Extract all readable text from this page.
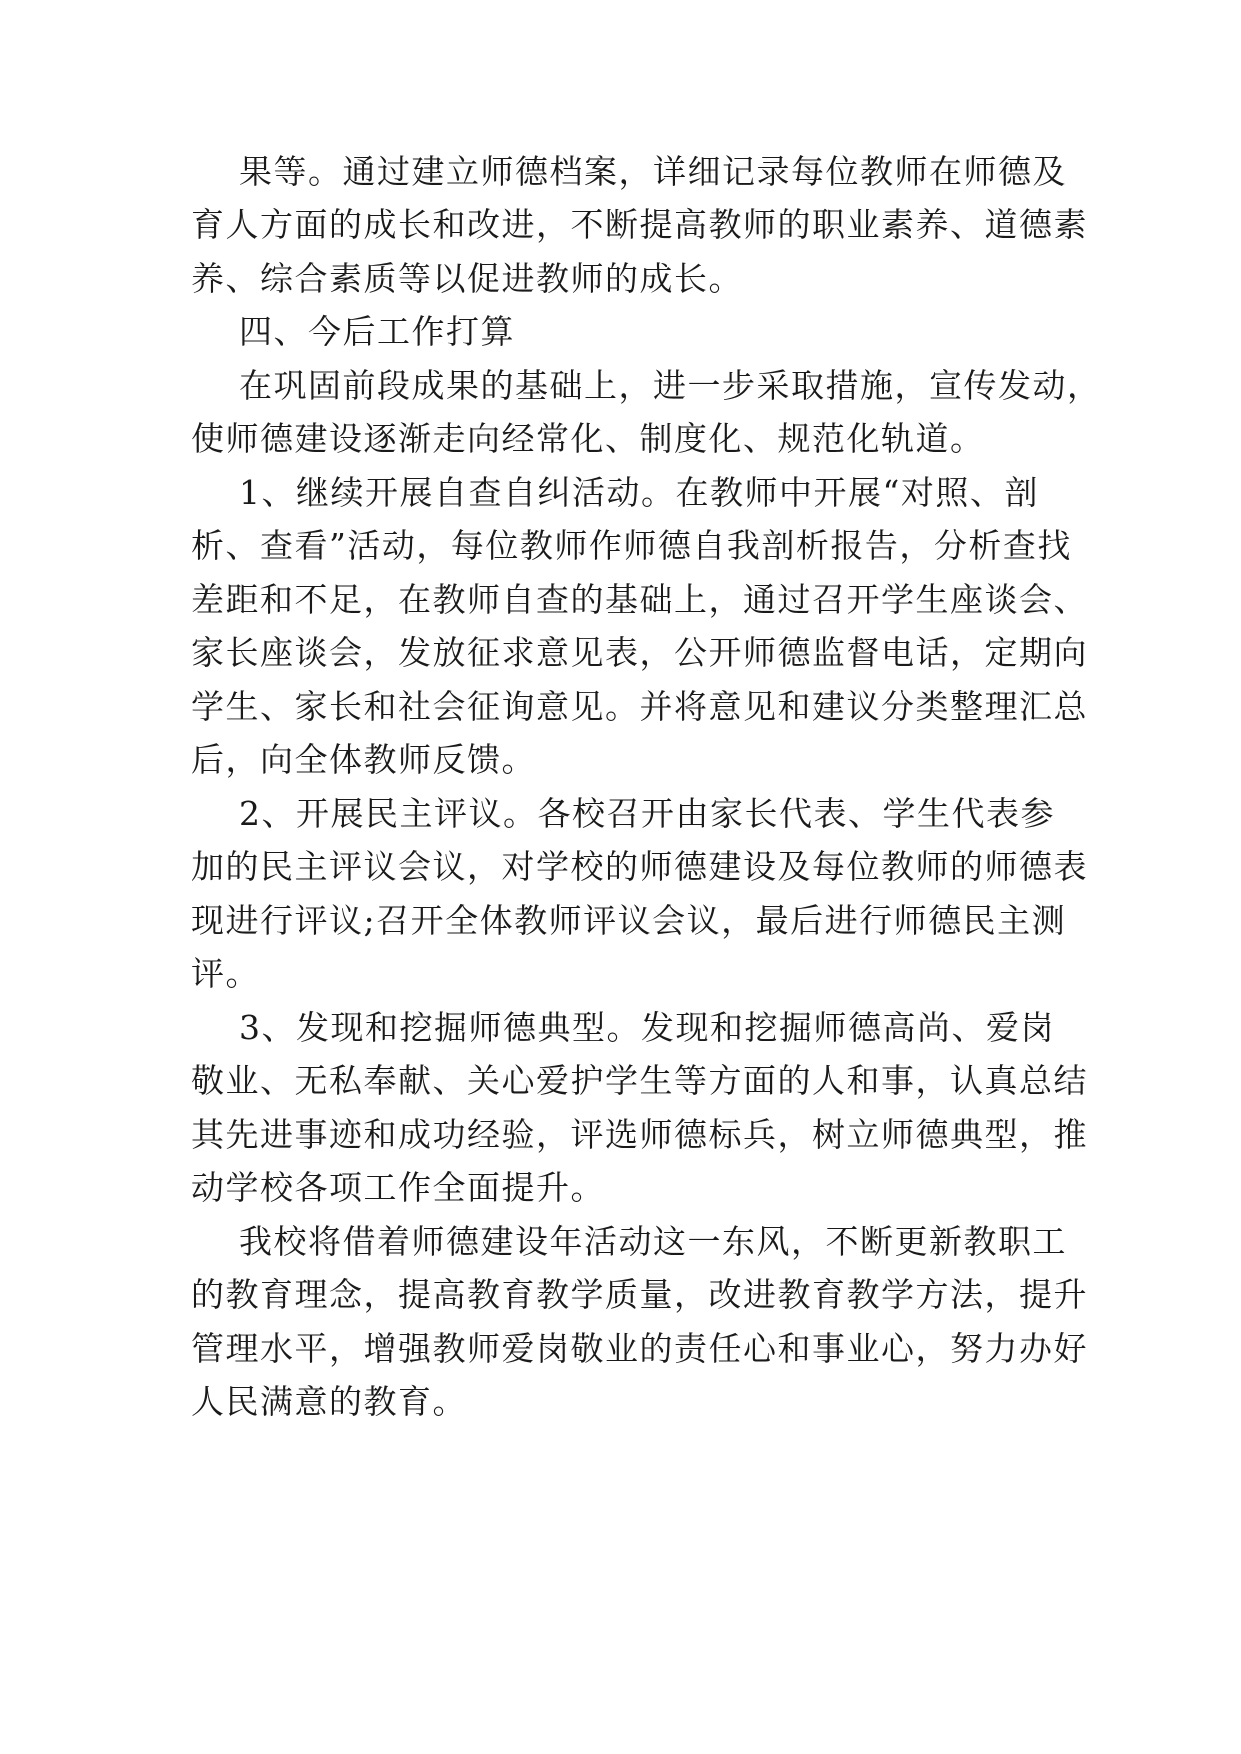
果等。通过建立师德档案，详细记录每位教师在师德及
育人方面的成长和改进，不断提高教师的职业素养、道德素
养、综合素质等以促进教师的成长。
四、今后工作打算
在巩固前段成果的基础上，进一步采取措施，宣传发动，
使师德建设逐渐走向经常化、制度化、规范化轨道。
1、继续开展自查自纠活动。在教师中开展“对照、剖
析、查看”活动，每位教师作师德自我剖析报告，分析查找
差距和不足，在教师自查的基础上，通过召开学生座谈会、
家长座谈会，发放征求意见表，公开师德监督电话，定期向
学生、家长和社会征询意见。并将意见和建议分类整理汇总
后，向全体教师反馈。
2、开展民主评议。各校召开由家长代表、学生代表参
加的民主评议会议，对学校的师德建设及每位教师的师德表
现进行评议;召开全体教师评议会议，最后进行师德民主测
评。
3、发现和挖掘师德典型。发现和挖掘师德高尚、爱岗
敬业、无私奉献、关心爱护学生等方面的人和事，认真总结
其先进事迹和成功经验，评选师德标兵，树立师德典型，推
动学校各项工作全面提升。
我校将借着师德建设年活动这一东风，不断更新教职工
的教育理念，提高教育教学质量，改进教育教学方法，提升
管理水平，增强教师爱岗敬业的责任心和事业心，努力办好
人民满意的教育。
